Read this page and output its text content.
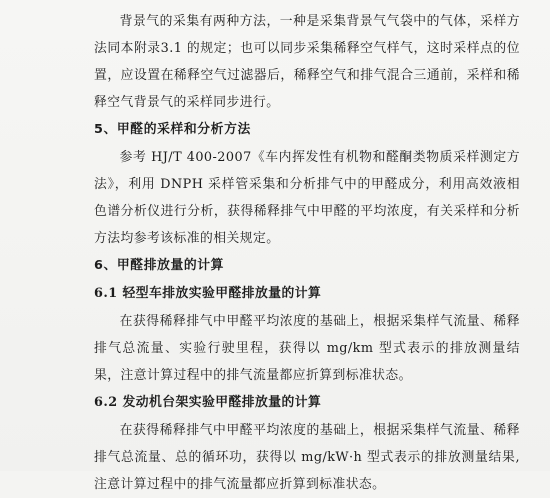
背景气的采集有两种方法，一种是采集背景气气袋中的气体，采样方法同本附录3.1 的规定；也可以同步采集稀释空气样气，这时采样点的位置，应设置在稀释空气过滤器后，稀释空气和排气混合三通前，采样和稀释空气背景气的采样同步进行。

5、甲醛的采样和分析方法

参考 HJ/T 400-2007《车内挥发性有机物和醛酮类物质采样测定方法》，利用 DNPH 采样管采集和分析排气中的甲醛成分，利用高效液相色谱分析仪进行分析，获得稀释排气中甲醛的平均浓度，有关采样和分析方法均参考该标准的相关规定。

6、甲醛排放量的计算
6.1 轻型车排放实验甲醛排放量的计算

在获得稀释排气中甲醛平均浓度的基础上，根据采集样气流量、稀释排气总流量、实验行驶里程，获得以 mg/km 型式表示的排放测量结果，注意计算过程中的排气流量都应折算到标准状态。

6.2 发动机台架实验甲醛排放量的计算

在获得稀释排气中甲醛平均浓度的基础上，根据采集样气流量、稀释排气总流量、总的循环功，获得以 mg/kW·h 型式表示的排放测量结果,注意计算过程中的排气流量都应折算到标准状态。
